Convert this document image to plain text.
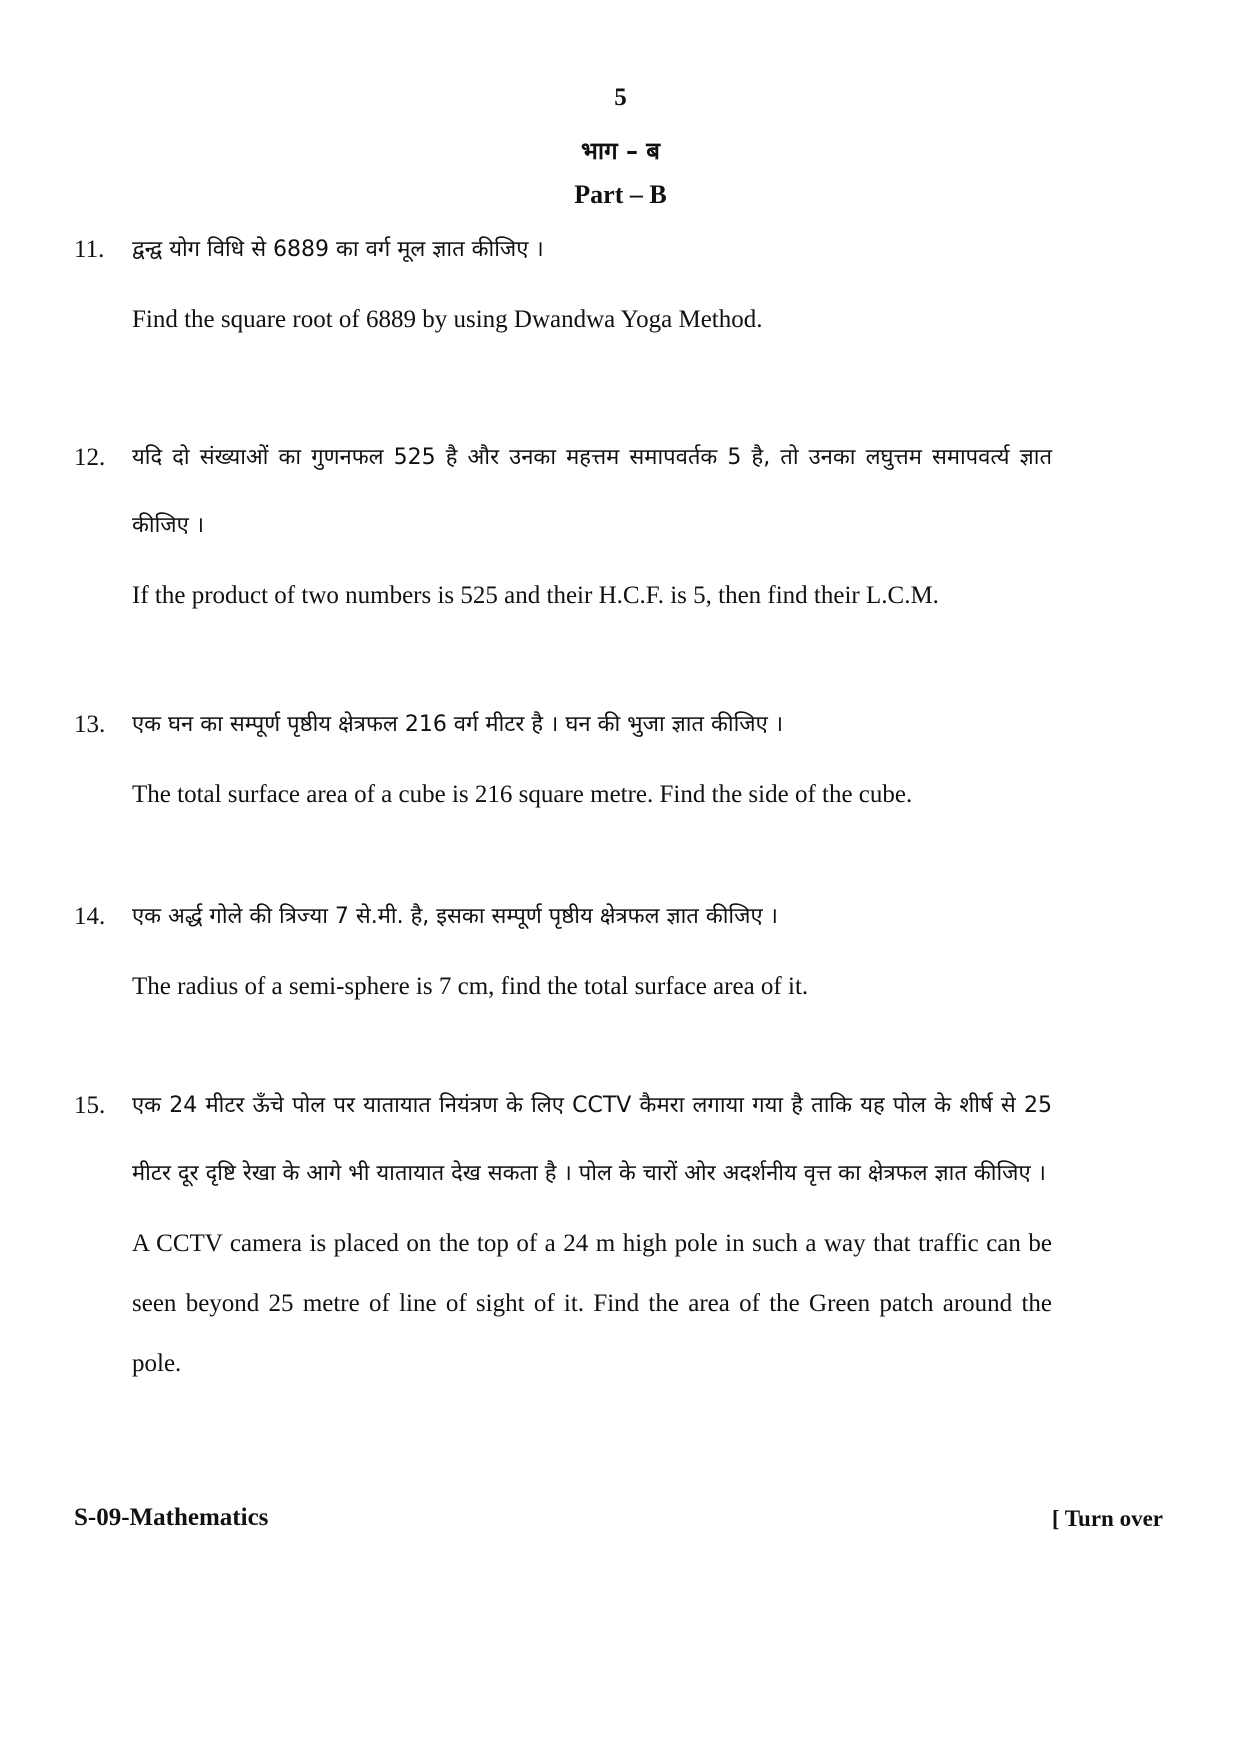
5
भाग – ब
Part – B
11. द्वन्द्व योग विधि से 6889 का वर्ग मूल ज्ञात कीजिए ।

Find the square root of 6889 by using Dwandwa Yoga Method.

12. यदि दो संख्याओं का गुणनफल 525 है और उनका महत्तम समापवर्तक 5 है, तो उनका लघुत्तम समापवर्त्य ज्ञात कीजिए ।

If the product of two numbers is 525 and their H.C.F. is 5, then find their L.C.M.

13. एक घन का सम्पूर्ण पृष्ठीय क्षेत्रफल 216 वर्ग मीटर है । घन की भुजा ज्ञात कीजिए ।

The total surface area of a cube is 216 square metre. Find the side of the cube.

14. एक अर्द्ध गोले की त्रिज्या 7 से.मी. है, इसका सम्पूर्ण पृष्ठीय क्षेत्रफल ज्ञात कीजिए ।

The radius of a semi-sphere is 7 cm, find the total surface area of it.

15. एक 24 मीटर ऊँचे पोल पर यातायात नियंत्रण के लिए CCTV कैमरा लगाया गया है ताकि यह पोल के शीर्ष से 25 मीटर दूर दृष्टि रेखा के आगे भी यातायात देख सकता है । पोल के चारों ओर अदर्शनीय वृत्त का क्षेत्रफल ज्ञात कीजिए ।

A CCTV camera is placed on the top of a 24 m high pole in such a way that traffic can be seen beyond 25 metre of line of sight of it. Find the area of the Green patch around the pole.

S-09-Mathematics	[ Turn over
